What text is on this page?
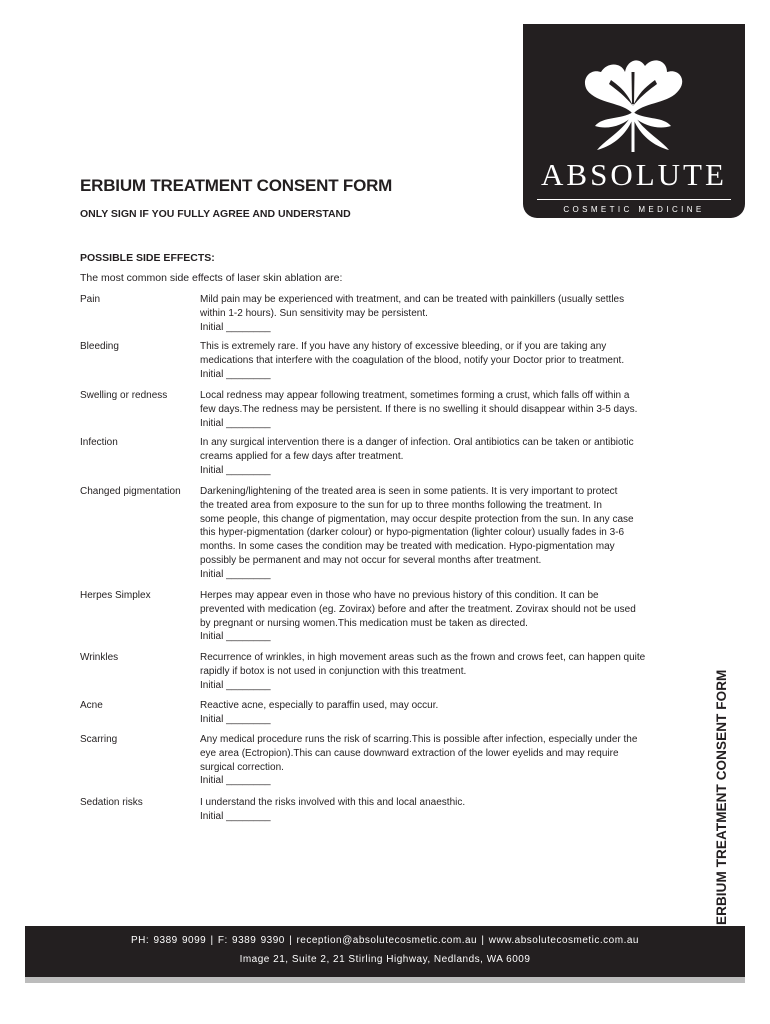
ABSOLUTE
COSMETIC MEDICINE
ERBIUM TREATMENT CONSENT FORM
ONLY SIGN IF YOU FULLY AGREE AND UNDERSTAND
POSSIBLE SIDE EFFECTS:
The most common side effects of laser skin ablation are:
Pain	Mild pain may be experienced with treatment, and can be treated with painkillers (usually settles
within 1-2 hours). Sun sensitivity may be persistent.
Initial ________
Bleeding	This is extremely rare. If you have any history of excessive bleeding, or if you are taking any
medications that interfere with the coagulation of the blood, notify your Doctor prior to treatment.
Initial ________
Swelling or redness	Local redness may appear following treatment, sometimes forming a crust, which falls off within a
few days.The redness may be persistent. If there is no swelling it should disappear within 3-5 days.
Initial ________
Infection	In any surgical intervention there is a danger of infection. Oral antibiotics can be taken or antibiotic
creams applied for a few days after treatment.
Initial ________
Changed pigmentation Darkening/lightening of the treated area is seen in some patients. It is very important to protect
the treated area from exposure to the sun for up to three months following the treatment. In
some people, this change of pigmentation, may occur despite protection from the sun. In any case
this hyper-pigmentation (darker colour) or hypo-pigmentation (lighter colour) usually fades in 3-6
months. In some cases the condition may be treated with medication. Hypo-pigmentation may
possibly be permanent and may not occur for several months after treatment.
Initial ________
Herpes Simplex	Herpes may appear even in those who have no previous history of this condition. It can be
prevented with medication (eg. Zovirax) before and after the treatment. Zovirax should not be used
by pregnant or nursing women.This medication must be taken as directed.
Initial ________
Wrinkles	Recurrence of wrinkles, in high movement areas such as the frown and crows feet, can happen quite
rapidly if botox is not used in conjunction with this treatment.
Initial ________
Acne	Reactive acne, especially to paraffin used, may occur.
Initial ________
Scarring	Any medical procedure runs the risk of scarring.This is possible after infection, especially under the
eye area (Ectropion).This can cause downward extraction of the lower eyelids and may require
surgical correction.
Initial ________
Sedation risks	I understand the risks involved with this and local anaesthic.
Initial ________	ERBIUM TREATMENT CONSENT FORM
PH: 9389 9099 | F: 9389 9390 | reception@absolutecosmetic.com.au | www.absolutecosmetic.com.au
Image 21, Suite 2, 21 Stirling Highway, Nedlands, WA 6009
